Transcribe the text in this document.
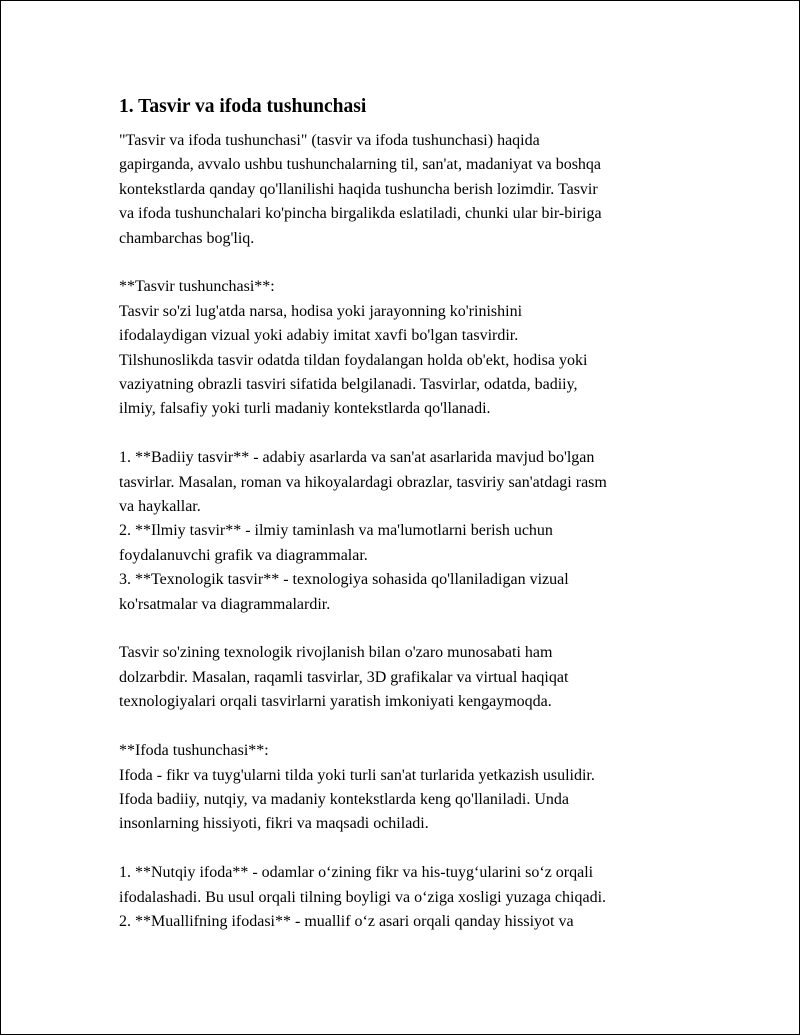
1. Tasvir va ifoda tushunchasi
"Tasvir va ifoda tushunchasi" (tasvir va ifoda tushunchasi) haqida
gapirganda, avvalo ushbu tushunchalarning til, san'at, madaniyat va boshqa
kontekstlarda qanday qo'llanilishi haqida tushuncha berish lozimdir. Tasvir
va ifoda tushunchalari ko'pincha birgalikda eslatiladi, chunki ular bir-biriga
chambarchas bog'liq.
**Tasvir tushunchasi**:
Tasvir so'zi lug'atda narsa, hodisa yoki jarayonning ko'rinishini
ifodalaydigan vizual yoki adabiy imitat xavfi bo'lgan tasvirdir.
Tilshunoslikda tasvir odatda tildan foydalangan holda ob'ekt, hodisa yoki
vaziyatning obrazli tasviri sifatida belgilanadi. Tasvirlar, odatda, badiiy,
ilmiy, falsafiy yoki turli madaniy kontekstlarda qo'llanadi.
1. **Badiiy tasvir** - adabiy asarlarda va san'at asarlarida mavjud bo'lgan
tasvirlar. Masalan, roman va hikoyalardagi obrazlar, tasviriy san'atdagi rasm
va haykallar.
2. **Ilmiy tasvir** - ilmiy taminlash va ma'lumotlarni berish uchun
foydalanuvchi grafik va diagrammalar.
3. **Texnologik tasvir** - texnologiya sohasida qo'llaniladigan vizual
ko'rsatmalar va diagrammalardir.
Tasvir so'zining texnologik rivojlanish bilan o'zaro munosabati ham
dolzarbdir. Masalan, raqamli tasvirlar, 3D grafikalar va virtual haqiqat
texnologiyalari orqali tasvirlarni yaratish imkoniyati kengaymoqda.
**Ifoda tushunchasi**:
Ifoda - fikr va tuyg'ularni tilda yoki turli san'at turlarida yetkazish usulidir.
Ifoda badiiy, nutqiy, va madaniy kontekstlarda keng qo'llaniladi. Unda
insonlarning hissiyoti, fikri va maqsadi ochiladi.
1. **Nutqiy ifoda** - odamlar o‘zining fikr va his-tuyg‘ularini so‘z orqali
ifodalashadi. Bu usul orqali tilning boyligi va o‘ziga xosligi yuzaga chiqadi.
2. **Muallifning ifodasi** - muallif o‘z asari orqali qanday hissiyot va
